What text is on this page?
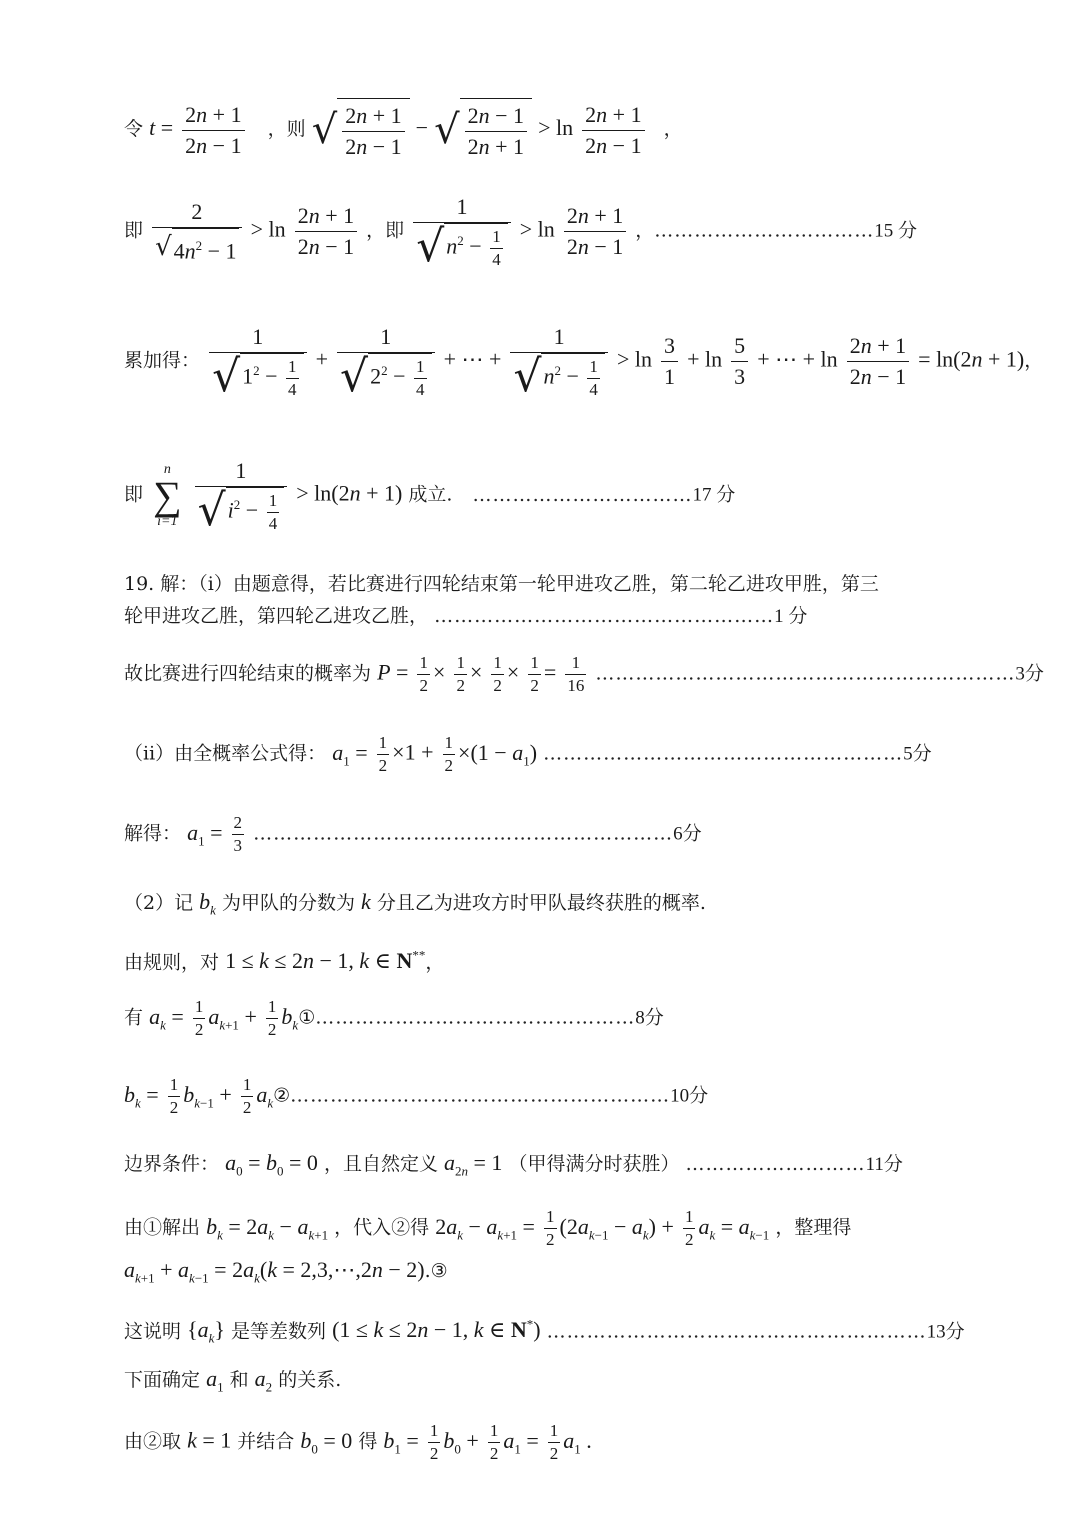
令 $t = \frac{2n + 1}{2n - 1}$ ，则 √ $\frac{2n + 1}{2n - 1}$ − √ $\frac{2n - 1}{2n + 1} > \ln \frac{2n + 1}{2n - 1}$ ，
即 $\frac{2}{√4n^2 - 1} > \ln \frac{2n + 1}{2n - 1}$ ，即 $\frac{1}{√n^2 - \frac{1}{4}} > \ln \frac{2n + 1}{2n - 1}$ ，……………………………15 分
累加得： $\frac{1}{√1^2 - \frac{1}{4}} + \frac{1}{√2^2 - \frac{1}{4}}$ + ⋯ + $\frac{1}{√n^2 - \frac{1}{4}} > \ln \frac{3}{1} + \ln \frac{5}{3}$ + ⋯ + $\ln \frac{2n + 1}{2n - 1} = \ln(2n + 1)$，
即
n
∑
i=1
$\frac{1}{√i^2 - \frac{1}{4}} > \ln(2n + 1)$ 成立. ……………………………17 分
19. 解：（ⅰ）由题意得，若比赛进行四轮结束第一轮甲进攻乙胜，第二轮乙进攻甲胜，第三
轮甲进攻乙胜，第四轮乙进攻乙胜， ……………………………………………1 分
故比赛进行四轮结束的概率为 $P = \frac{1}{2} \times \frac{1}{2} \times \frac{1}{2} \times \frac{1}{2} = \frac{1}{16}$ ………………………………………………………3分
（ⅱ）由全概率公式得： $a_1 = \frac{1}{2} \times 1 + \frac{1}{2} \times(1 - a_1)$ ………………………………………………5分
解得： $a_1 = \frac{2}{3}$ ………………………………………………………6分
（2）记 $b_k$ 为甲队的分数为 k 分且乙为进攻方时甲队最终获胜的概率.
由规则，对 1 ≤ k ≤ 2n − 1, k ∈ N**，
有 $a_k = \frac{1}{2} a_{k+1} + \frac{1}{2}$ $b_k①\dots\dots\dots\dots\dots\dots\dots\dots\dots\dots\dots\dots\dots\dots\dots\dots 8$分
$b_k = \frac{1}{2} b_{k-1} + \frac{1}{2}$ $a_k②\dots\dots\dots\dots\dots\dots\dots\dots\dots\dots\dots\dots\dots\dots\dots\dots\dots\dots\dots 10$分
边界条件： $a_0 = b_0 = 0$ ，且自然定义 $a_{2n} = 1$ （甲得满分时获胜） ………………………11分
由①解出 $b_k = 2a_k - a_{k+1}$ ，代入②得 $2a_k - a_{k+1} = \frac{1}{2} (2a_{k-1} - a_k) + \frac{1}{2} a_k = a_{k-1}$ ，整理得
$a_{k+1} + a_{k-1} = 2a_k(k$ = 2,3,⋯,2n − 2).③
这说明 $\{a_k\}$ 是等差数列 (1 ≤ k ≤ 2n − 1, k ∈ N*) …………………………………………………13分
下面确定 $a_1$ 和 $a_2$ 的关系.
由②取 k = 1 并结合 $b_0 = 0$ 得 $b_1 = \frac{1}{2} b_0 + \frac{1}{2} a_1 = \frac{1}{2} a_1$ .
